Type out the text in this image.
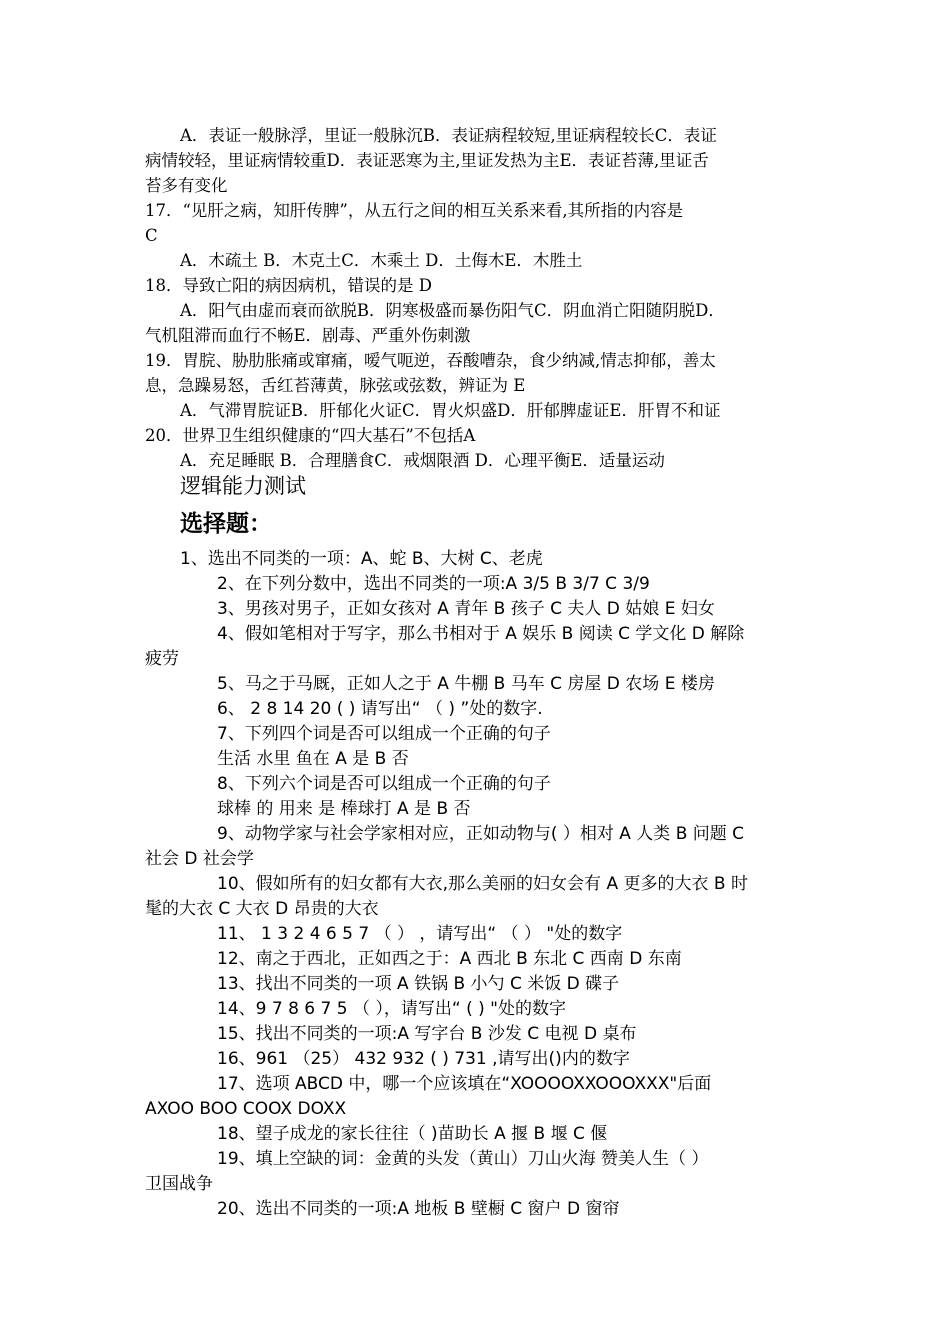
A．表证一般脉浮，里证一般脉沉B．表证病程较短,里证病程较长C．表证
病情较轻，里证病情较重D．表证恶寒为主,里证发热为主E．表证苔薄,里证舌
苔多有变化
17．“见肝之病，知肝传脾”，从五行之间的相互关系来看,其所指的内容是
C
A．木疏土 B．木克土C．木乘土 D．土侮木E．木胜土
18．导致亡阳的病因病机，错误的是 D
A．阳气由虚而衰而欲脱B．阴寒极盛而暴伤阳气C．阴血消亡阳随阴脱D．
气机阻滞而血行不畅E．剧毒、严重外伤刺激
19．胃脘、胁肋胀痛或窜痛，嗳气呃逆，吞酸嘈杂，食少纳减,情志抑郁，善太
息，急躁易怒，舌红苔薄黄，脉弦或弦数，辨证为 E
A．气滞胃脘证B．肝郁化火证C．胃火炽盛D．肝郁脾虚证E．肝胃不和证
20．世界卫生组织健康的“四大基石”不包括A
A．充足睡眠 B．合理膳食C．戒烟限酒 D．心理平衡E．适量运动
逻辑能力测试
选择题：
1、选出不同类的一项：A、蛇 B、大树 C、老虎
2、在下列分数中，选出不同类的一项:A 3/5 B 3/7 C 3/9
3、男孩对男子，正如女孩对 A 青年 B 孩子 C 夫人 D 姑娘 E 妇女
4、假如笔相对于写字，那么书相对于 A 娱乐 B 阅读 C 学文化 D 解除
疲劳
5、马之于马厩，正如人之于 A 牛棚 B 马车 C 房屋 D 农场 E 楼房
6、 2 8 14 20 ( ) 请写出“ （ ) ”处的数字.
7、下列四个词是否可以组成一个正确的句子
生活 水里 鱼在 A 是 B 否
8、下列六个词是否可以组成一个正确的句子
球棒 的 用来 是 棒球打 A 是 B 否
9、动物学家与社会学家相对应，正如动物与( ）相对 A 人类 B 问题 C
社会 D 社会学
10、假如所有的妇女都有大衣,那么美丽的妇女会有 A 更多的大衣 B 时
髦的大衣 C 大衣 D 昂贵的大衣
11、 1 3 2 4 6 5 7 （ ） ，请写出“ （ ） "处的数字
12、南之于西北，正如西之于：A 西北 B 东北 C 西南 D 东南
13、找出不同类的一项 A 铁锅 B 小勺 C 米饭 D 碟子
14、9 7 8 6 7 5 （ ），请写出“ ( ) "处的数字
15、找出不同类的一项:A 写字台 B 沙发 C 电视 D 桌布
16、961 （25） 432 932 ( ) 731 ,请写出()内的数字
17、选项 ABCD 中，哪一个应该填在“XOOOOXXOOOXXX"后面
AXOO BOO COOX DOXX
18、望子成龙的家长往往（ )苗助长 A 揠 B 堰 C 偃
19、填上空缺的词：金黄的头发（黄山）刀山火海 赞美人生（ ）
卫国战争
20、选出不同类的一项:A 地板 B 壁橱 C 窗户 D 窗帘
